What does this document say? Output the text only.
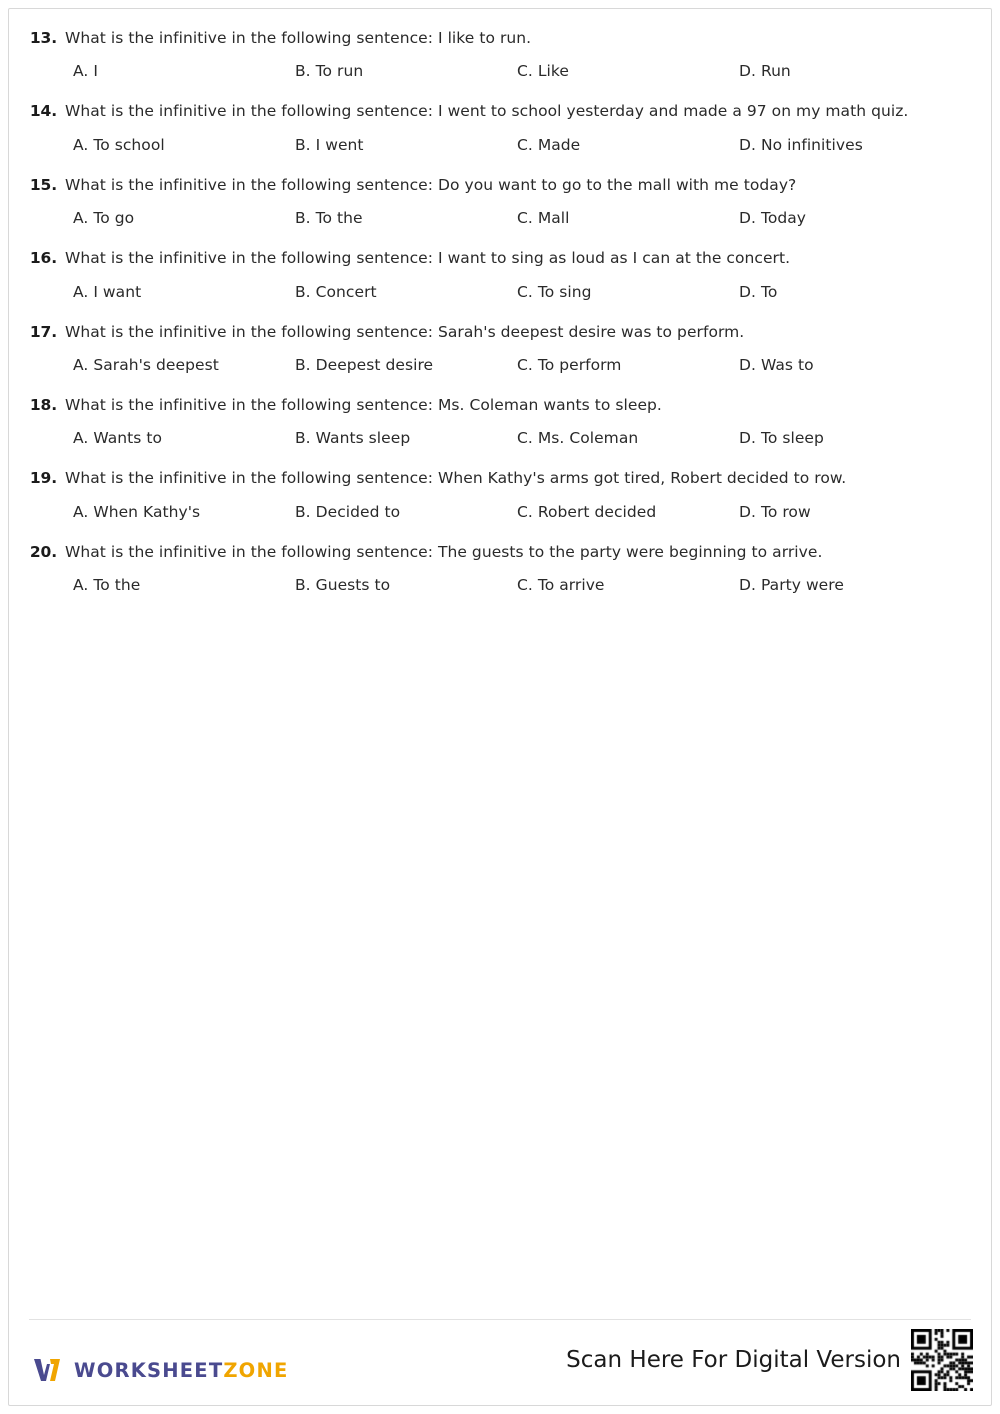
13. What is the infinitive in the following sentence: I like to run.
A. I	B. To run	C. Like	D. Run
14. What is the infinitive in the following sentence: I went to school yesterday and made a 97 on my math quiz.
A. To school	B. I went	C. Made	D. No infinitives
15. What is the infinitive in the following sentence: Do you want to go to the mall with me today?
A. To go	B. To the	C. Mall	D. Today
16. What is the infinitive in the following sentence: I want to sing as loud as I can at the concert.
A. I want	B. Concert	C. To sing	D. To
17. What is the infinitive in the following sentence: Sarah's deepest desire was to perform.
A. Sarah's deepest	B. Deepest desire	C. To perform	D. Was to
18. What is the infinitive in the following sentence: Ms. Coleman wants to sleep.
A. Wants to	B. Wants sleep	C. Ms. Coleman	D. To sleep
19. What is the infinitive in the following sentence: When Kathy's arms got tired, Robert decided to row.
A. When Kathy's	B. Decided to	C. Robert decided	D. To row
20. What is the infinitive in the following sentence: The guests to the party were beginning to arrive.
A. To the	B. Guests to	C. To arrive	D. Party were
WORKSHEETZONE	Scan Here For Digital Version
